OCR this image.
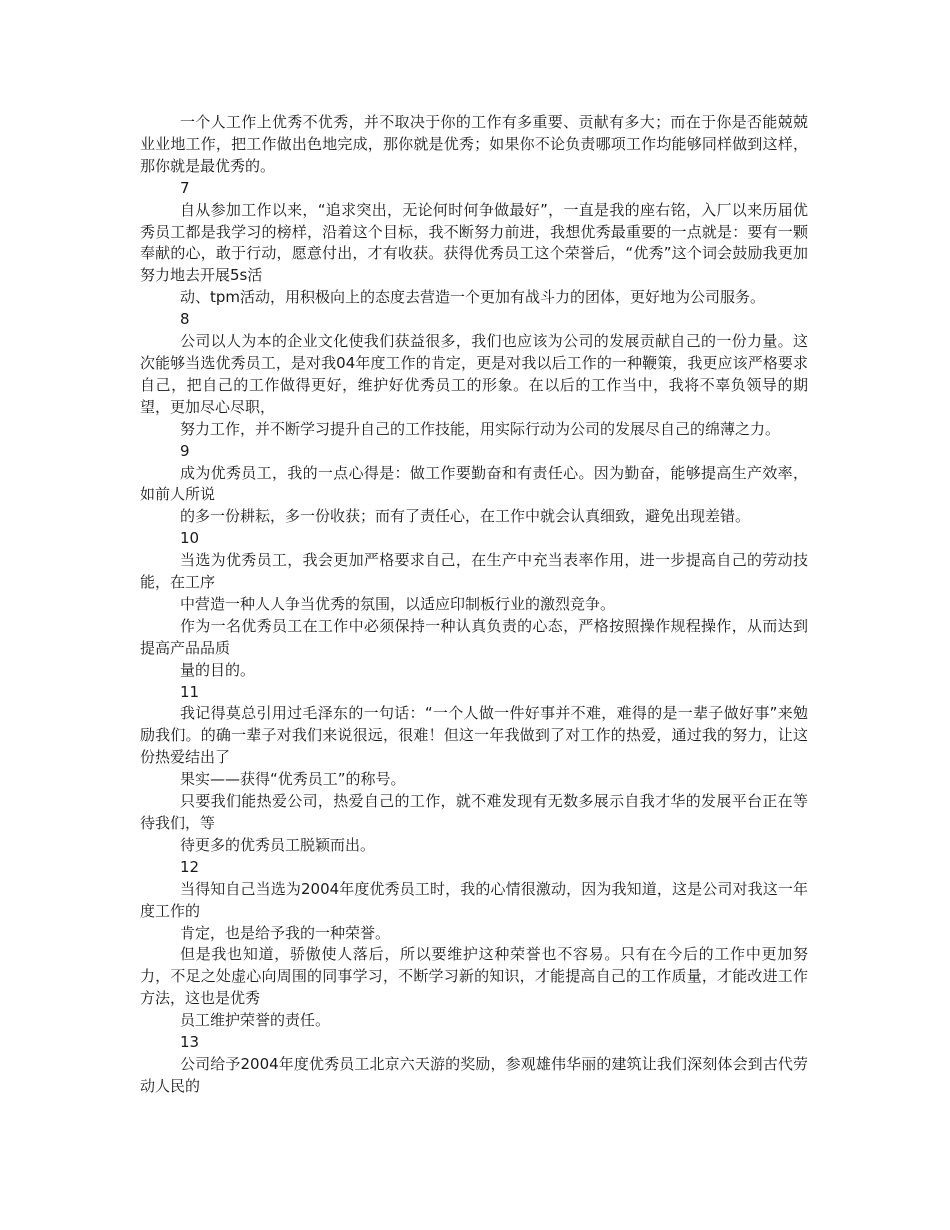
一个人工作上优秀不优秀，并不取决于你的工作有多重要、贡献有多大；而在于你是否能兢兢业业地工作，把工作做出色地完成，那你就是优秀；如果你不论负责哪项工作均能够同样做到这样，那你就是最优秀的。

7

自从参加工作以来，“追求突出，无论何时何争做最好”，一直是我的座右铭，入厂以来历届优秀员工都是我学习的榜样，沿着这个目标，我不断努力前进，我想优秀最重要的一点就是：要有一颗奉献的心，敢于行动，愿意付出，才有收获。获得优秀员工这个荣誉后，“优秀”这个词会鼓励我更加努力地去开展5s活

动、tpm活动，用积极向上的态度去营造一个更加有战斗力的团体，更好地为公司服务。

8

公司以人为本的企业文化使我们获益很多，我们也应该为公司的发展贡献自己的一份力量。这次能够当选优秀员工，是对我04年度工作的肯定，更是对我以后工作的一种鞭策，我更应该严格要求自己，把自己的工作做得更好，维护好优秀员工的形象。在以后的工作当中，我将不辜负领导的期望，更加尽心尽职，

努力工作，并不断学习提升自己的工作技能，用实际行动为公司的发展尽自己的绵薄之力。

9

成为优秀员工，我的一点心得是：做工作要勤奋和有责任心。因为勤奋，能够提高生产效率，如前人所说

的多一份耕耘，多一份收获；而有了责任心，在工作中就会认真细致，避免出现差错。

10

当选为优秀员工，我会更加严格要求自己，在生产中充当表率作用，进一步提高自己的劳动技能，在工序

中营造一种人人争当优秀的氛围，以适应印制板行业的激烈竞争。

作为一名优秀员工在工作中必须保持一种认真负责的心态，严格按照操作规程操作，从而达到提高产品品质

量的目的。

11

我记得莫总引用过毛泽东的一句话：“一个人做一件好事并不难，难得的是一辈子做好事”来勉励我们。的确一辈子对我们来说很远，很难！但这一年我做到了对工作的热爱，通过我的努力，让这份热爱结出了

果实——获得“优秀员工”的称号。

只要我们能热爱公司，热爱自己的工作，就不难发现有无数多展示自我才华的发展平台正在等待我们，等

待更多的优秀员工脱颖而出。

12

当得知自己当选为2004年度优秀员工时，我的心情很激动，因为我知道，这是公司对我这一年度工作的

肯定，也是给予我的一种荣誉。

但是我也知道，骄傲使人落后，所以要维护这种荣誉也不容易。只有在今后的工作中更加努力，不足之处虚心向周围的同事学习，不断学习新的知识，才能提高自己的工作质量，才能改进工作方法，这也是优秀

员工维护荣誉的责任。

13

公司给予2004年度优秀员工北京六天游的奖励，参观雄伟华丽的建筑让我们深刻体会到古代劳动人民的
